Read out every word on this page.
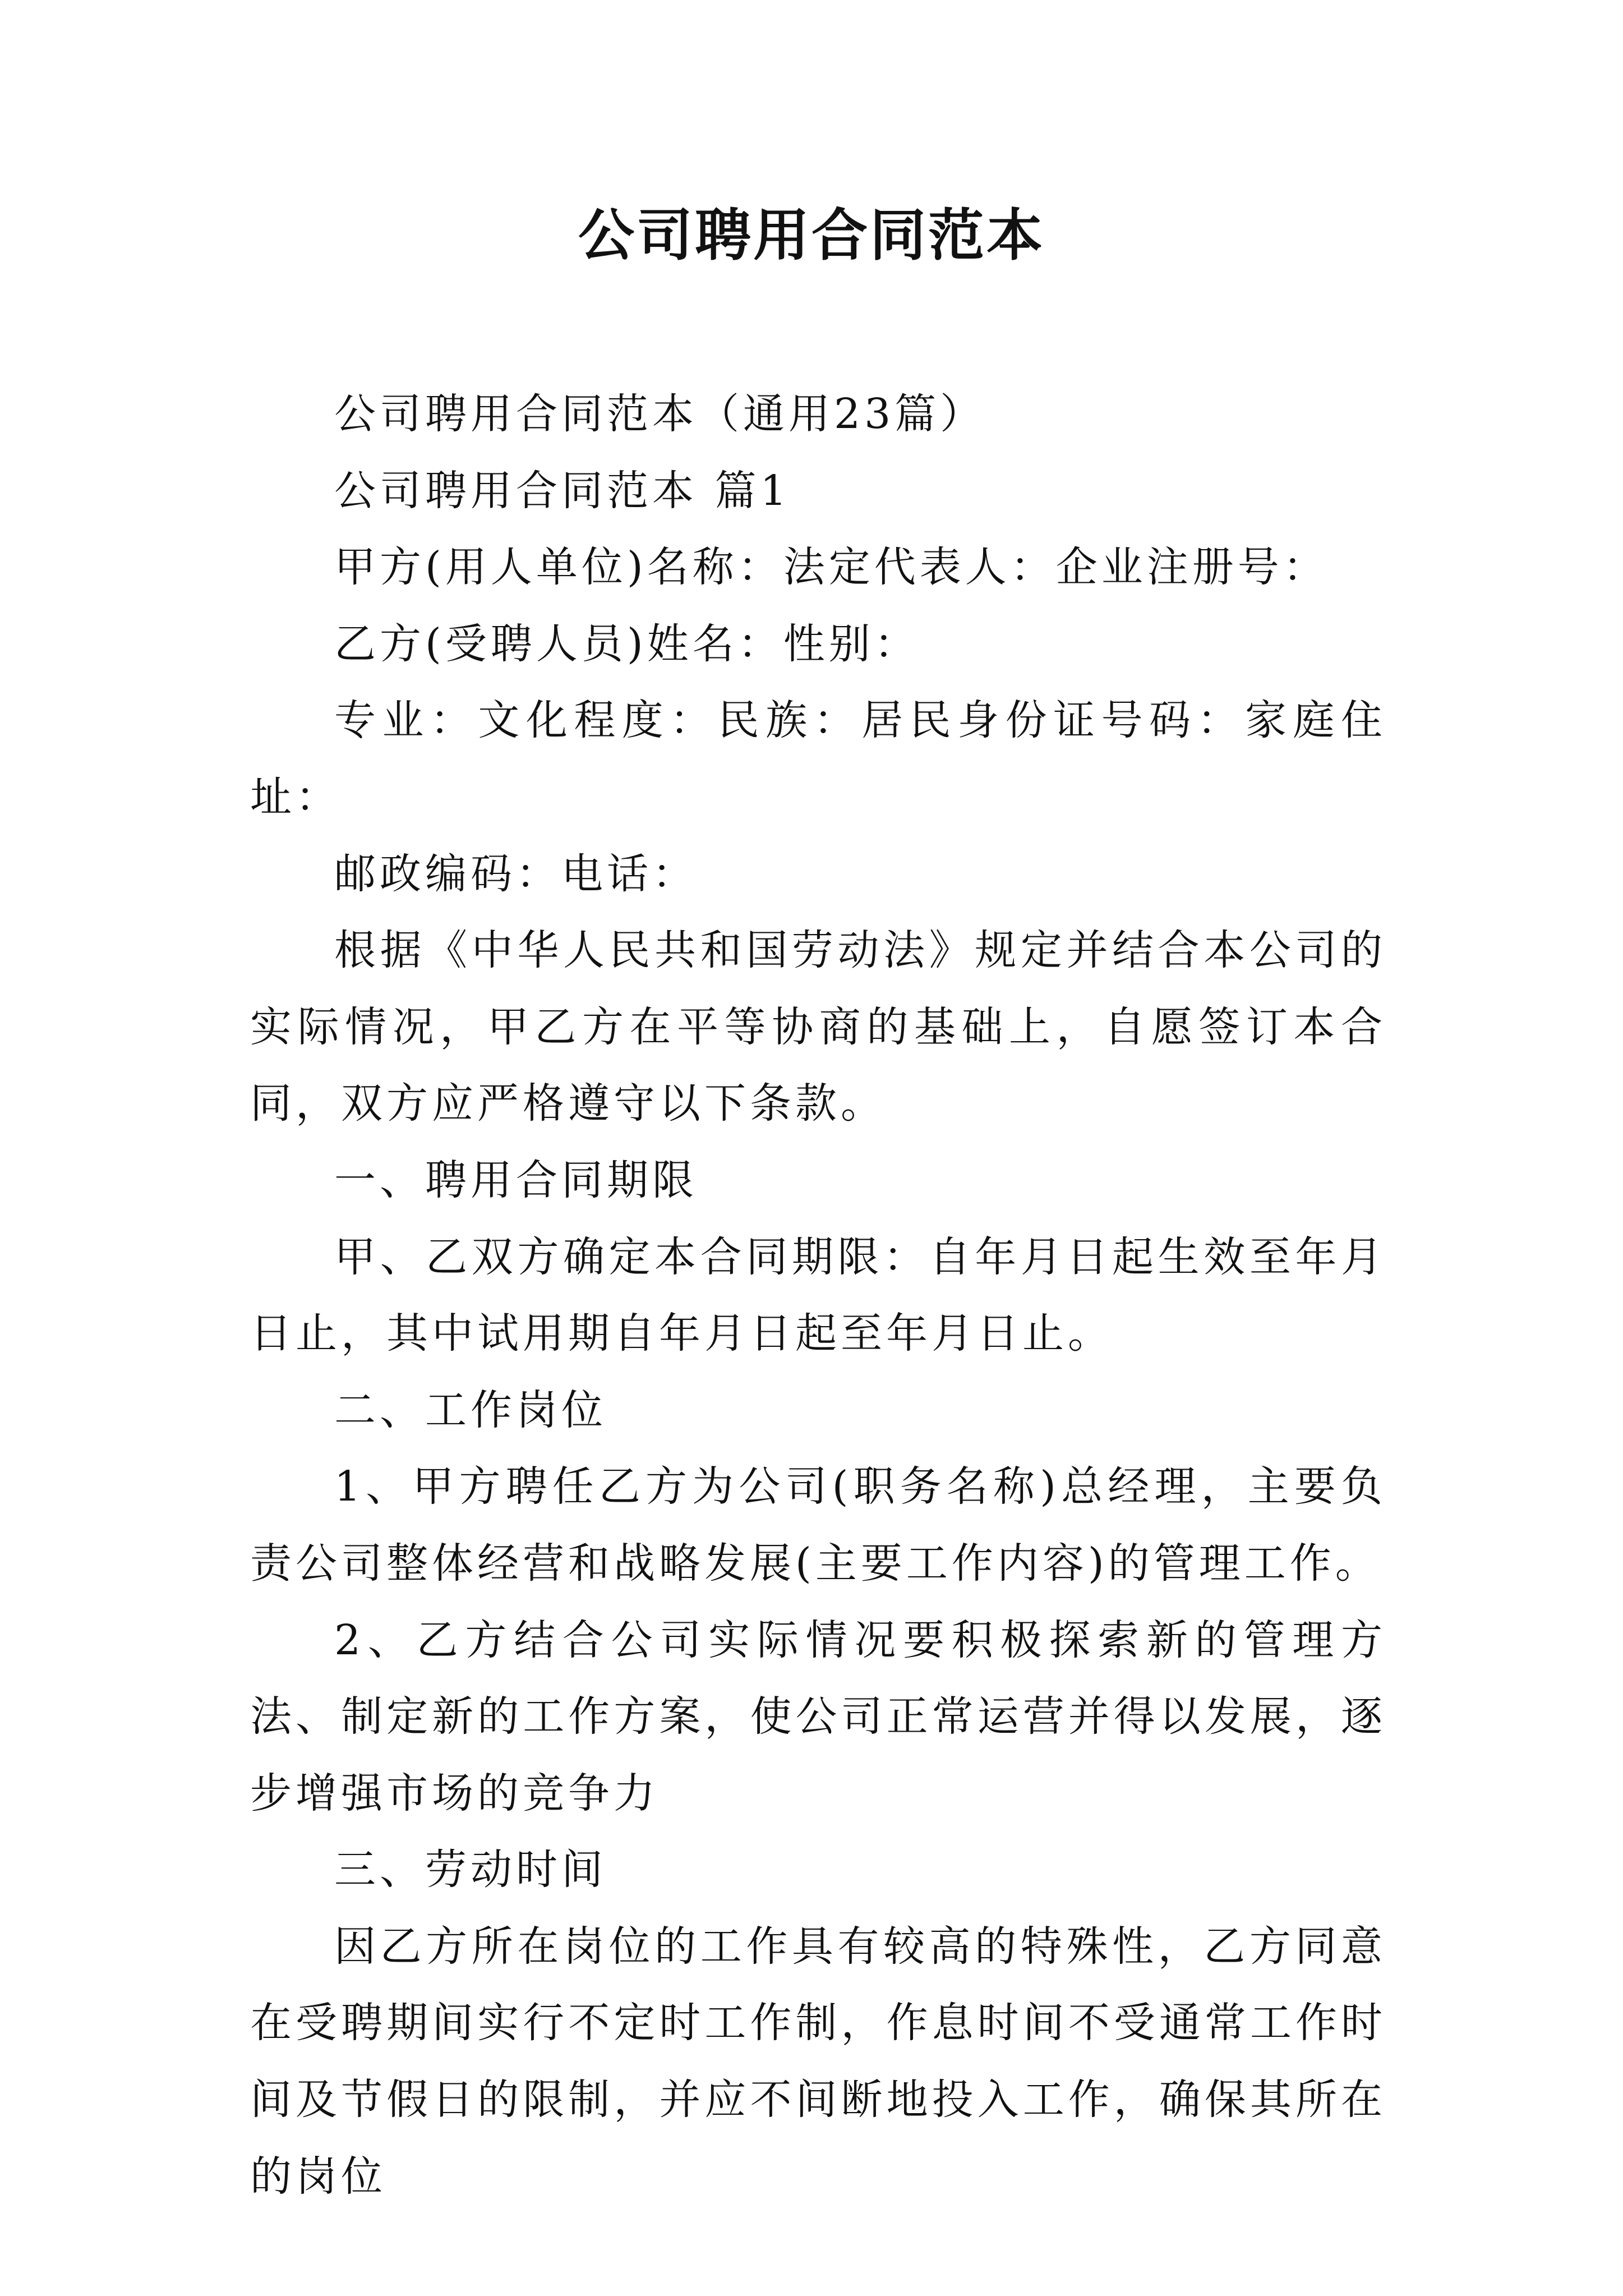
公司聘用合同范本

公司聘用合同范本（通用23篇）

公司聘用合同范本 篇1

甲方(用人单位)名称：法定代表人：企业注册号：

乙方(受聘人员)姓名：性别：

专业：文化程度：民族：居民身份证号码：家庭住址：

邮政编码：电话：

根据《中华人民共和国劳动法》规定并结合本公司的实际情况，甲乙方在平等协商的基础上，自愿签订本合同，双方应严格遵守以下条款。

一、聘用合同期限

甲、乙双方确定本合同期限：自年月日起生效至年月日止，其中试用期自年月日起至年月日止。

二、工作岗位

1、甲方聘任乙方为公司(职务名称)总经理，主要负责公司整体经营和战略发展(主要工作内容)的管理工作。

2、乙方结合公司实际情况要积极探索新的管理方法、制定新的工作方案，使公司正常运营并得以发展，逐步增强市场的竞争力

三、劳动时间

因乙方所在岗位的工作具有较高的特殊性，乙方同意在受聘期间实行不定时工作制，作息时间不受通常工作时间及节假日的限制，并应不间断地投入工作，确保其所在的岗位
